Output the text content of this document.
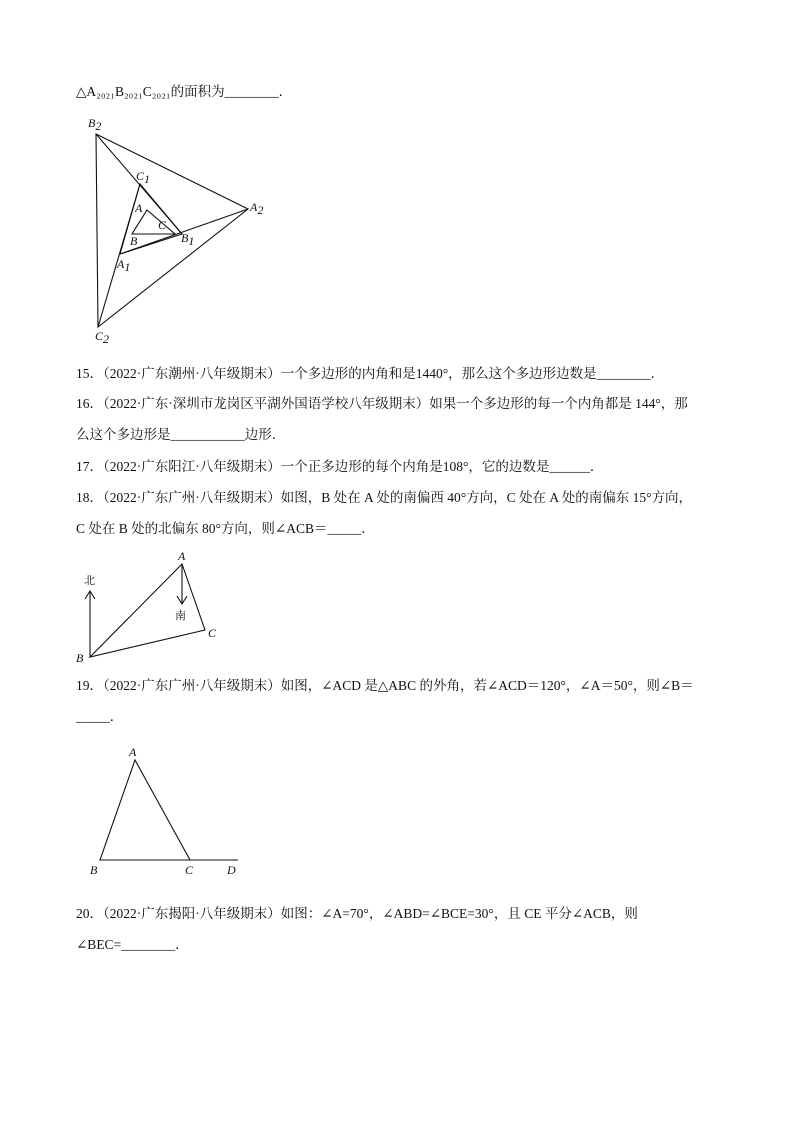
△A₂₀₂₁B₂₀₂₁C₂₀₂₁的面积为________．
B2
C1
A	A2
C
B	B1
A1
C2
15．（2022·广东潮州·八年级期末）一个多边形的内角和是1440°，那么这个多边形边数是________．
16．（2022·广东·深圳市龙岗区平湖外国语学校八年级期末）如果一个多边形的每一个内角都是 144°，那
么这个多边形是___________边形．
17．（2022·广东阳江·八年级期末）一个正多边形的每个内角是108°，它的边数是______．
18．（2022·广东广州·八年级期末）如图，B 处在 A 处的南偏西 40°方向，C 处在 A 处的南偏东 15°方向，
C 处在 B 处的北偏东 80°方向，则∠ACB＝_____．
北
南
A
C
B
19．（2022·广东广州·八年级期末）如图，∠ACD 是△ABC 的外角，若∠ACD＝120°，∠A＝50°，则∠B＝
_____．
A
B	C	D
20．（2022·广东揭阳·八年级期末）如图：∠A=70°，∠ABD=∠BCE=30°，且 CE 平分∠ACB，则
∠BEC=________．
